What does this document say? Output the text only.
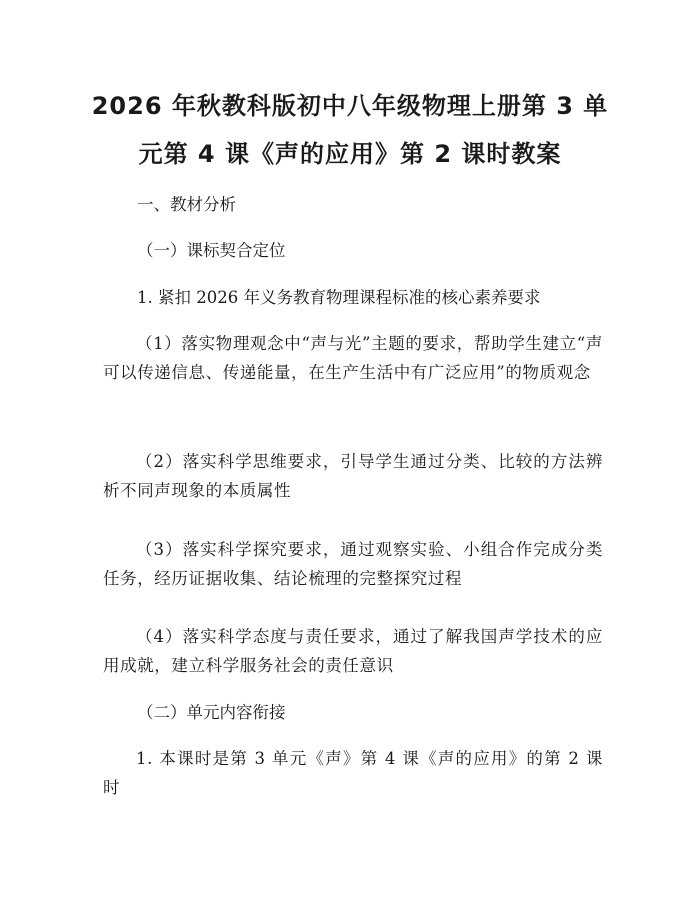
2026 年秋教科版初中八年级物理上册第 3 单
元第 4 课《声的应用》第 2 课时教案

一、教材分析

（一）课标契合定位

1. 紧扣 2026 年义务教育物理课程标准的核心素养要求

（1）落实物理观念中“声与光”主题的要求，帮助学生建立“声可以传递信息、传递能量，在生产生活中有广泛应用”的物质观念

（2）落实科学思维要求，引导学生通过分类、比较的方法辨析不同声现象的本质属性

（3）落实科学探究要求，通过观察实验、小组合作完成分类任务，经历证据收集、结论梳理的完整探究过程

（4）落实科学态度与责任要求，通过了解我国声学技术的应用成就，建立科学服务社会的责任意识

（二）单元内容衔接

1. 本课时是第 3 单元《声》第 4 课《声的应用》的第 2 课时
